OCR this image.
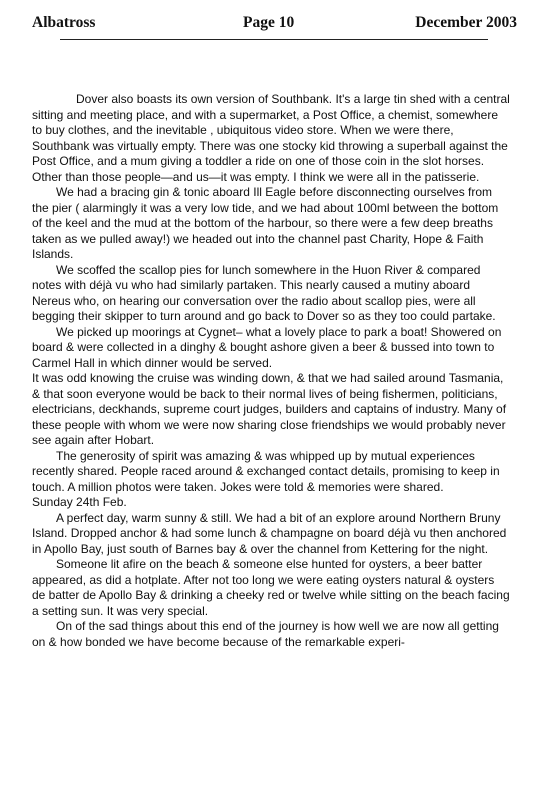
Albatross	Page 10	December 2003

Dover also boasts its own version of Southbank. It's a large tin shed with a central sitting and meeting place, and with a supermarket, a Post Office, a chemist, somewhere to buy clothes, and the inevitable , ubiquitous video store. When we were there, Southbank was virtually empty. There was one stocky kid throwing a superball against the Post Office, and a mum giving a toddler a ride on one of those coin in the slot horses. Other than those people—and us—it was empty. I think we were all in the patisserie.

We had a bracing gin & tonic aboard Ill Eagle before disconnecting ourselves from the pier ( alarmingly it was a very low tide, and we had about 100ml between the bottom of the keel and the mud at the bottom of the harbour, so there were a few deep breaths taken as we pulled away!) we headed out into the channel past Charity, Hope & Faith Islands.

We scoffed the scallop pies for lunch somewhere in the Huon River & compared notes with déjà vu who had similarly partaken. This nearly caused a mutiny aboard Nereus who, on hearing our conversation over the radio about scallop pies, were all begging their skipper to turn around and go back to Dover so as they too could partake.

We picked up moorings at Cygnet– what a lovely place to park a boat! Showered on board & were collected in a dinghy & bought ashore given a beer & bussed into town to Carmel Hall in which dinner would be served.

It was odd knowing the cruise was winding down, & that we had sailed around Tasmania, & that soon everyone would be back to their normal lives of being fishermen, politicians, electricians, deckhands, supreme court judges, builders and captains of industry. Many of these people with whom we were now sharing close friendships we would probably never see again after Hobart.

The generosity of spirit was amazing & was whipped up by mutual experiences recently shared. People raced around & exchanged contact details, promising to keep in touch. A million photos were taken. Jokes were told & memories were shared.

Sunday 24th Feb.

A perfect day, warm sunny & still. We had a bit of an explore around Northern Bruny Island. Dropped anchor & had some lunch & champagne on board déjà vu then anchored in Apollo Bay, just south of Barnes bay & over the channel from Kettering for the night.

Someone lit afire on the beach & someone else hunted for oysters, a beer batter appeared, as did a hotplate. After not too long we were eating oysters natural & oysters de batter de Apollo Bay & drinking a cheeky red or twelve while sitting on the beach facing a setting sun. It was very special.

On of the sad things about this end of the journey is how well we are now all getting on & how bonded we have become because of the remarkable experi-
